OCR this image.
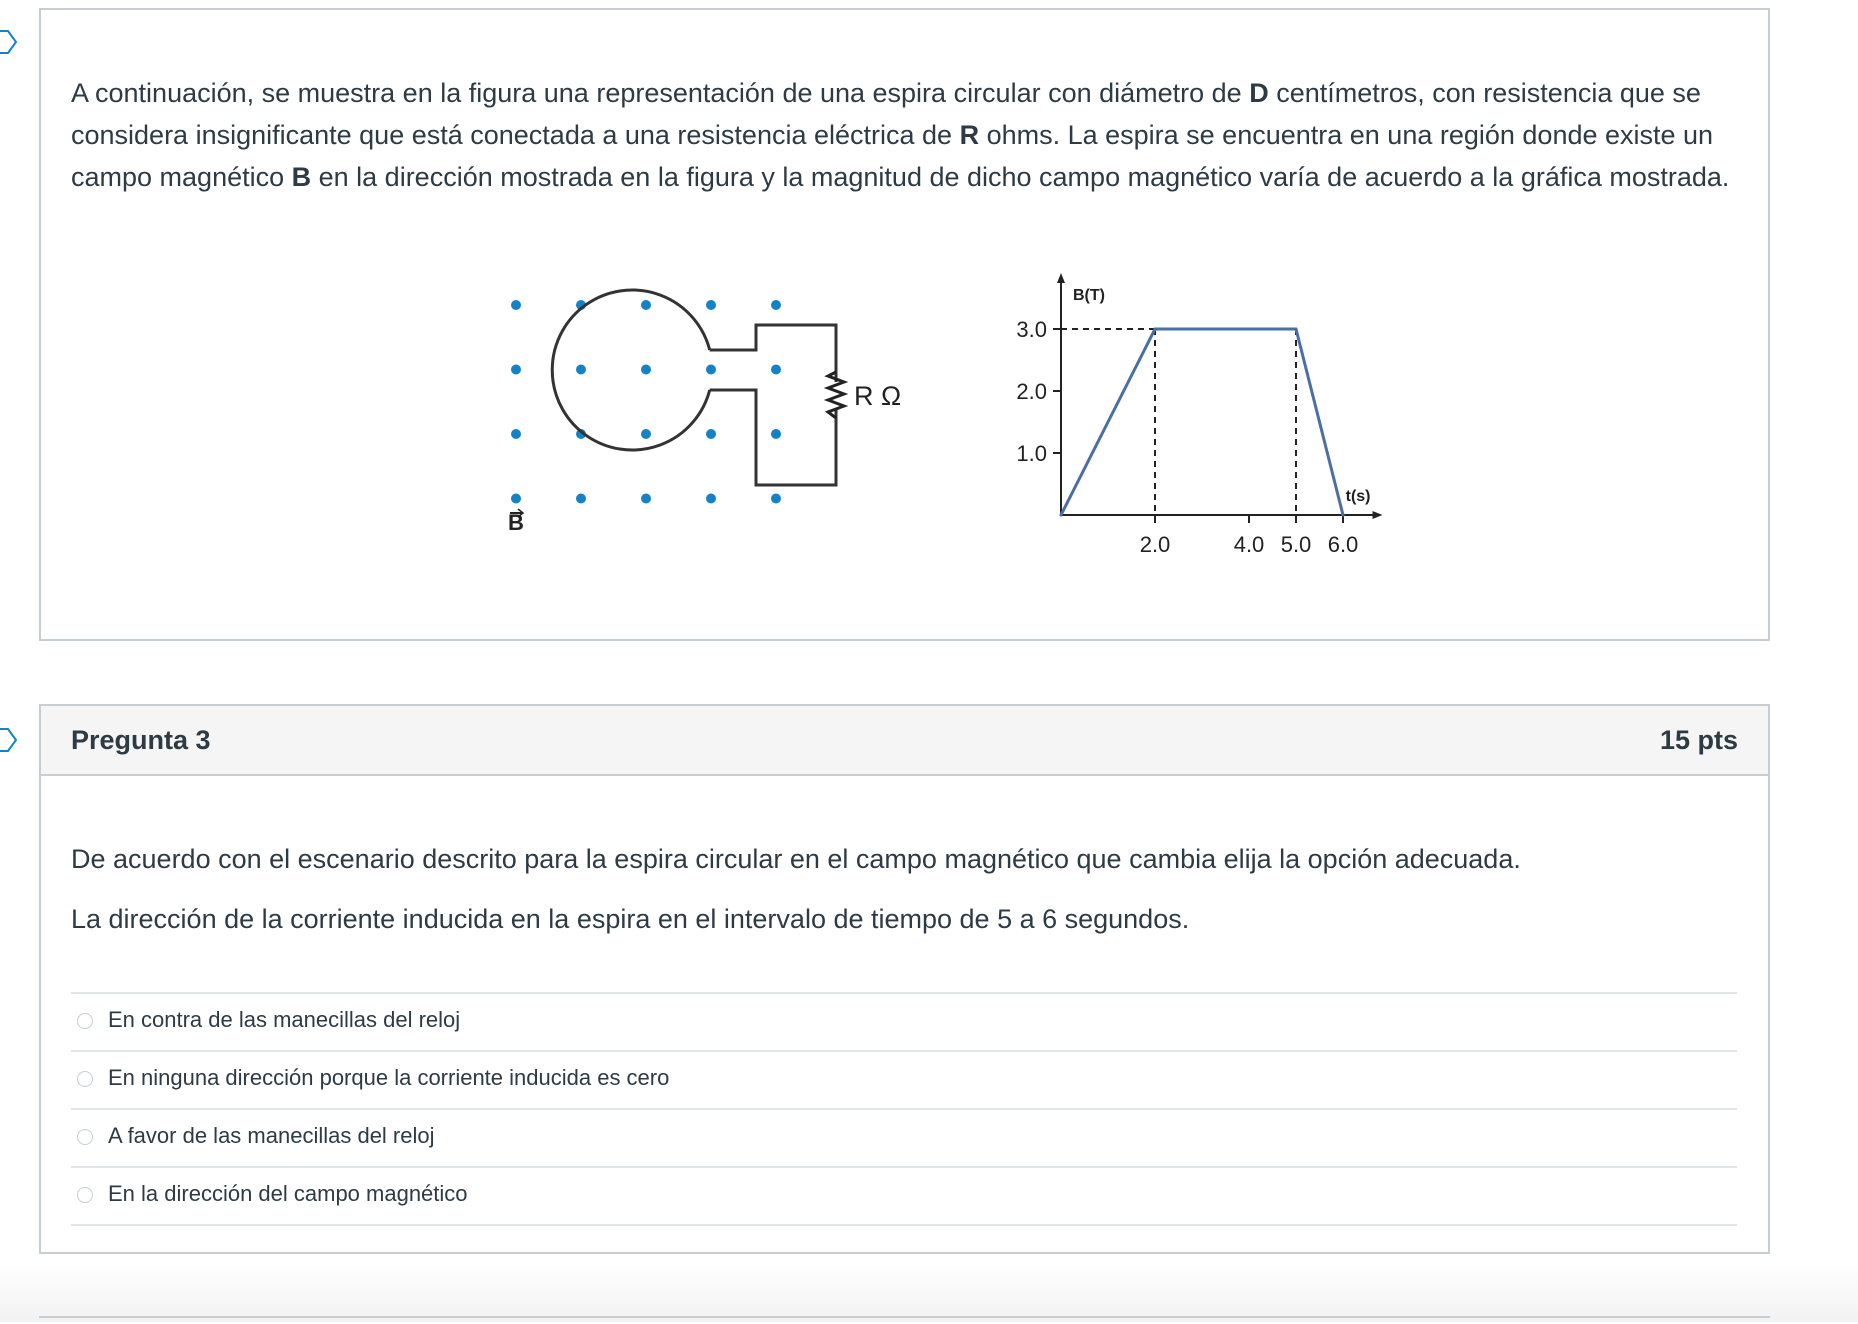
A continuación, se muestra en la figura una representación de una espira circular con diámetro de D centímetros, con resistencia que se considera insignificante que está conectada a una resistencia eléctrica de R ohms. La espira se encuentra en una región donde existe un campo magnético B en la dirección mostrada en la figura y la magnitud de dicho campo magnético varía de acuerdo a la gráfica mostrada.

R Ω
B
B(T)
t(s)
1.0
2.0
3.0
2.0	4.0 5.0 6.0
Pregunta 3	15 pts

De acuerdo con el escenario descrito para la espira circular en el campo magnético que cambia elija la opción adecuada.

La dirección de la corriente inducida en la espira en el intervalo de tiempo de 5 a 6 segundos.

En contra de las manecillas del reloj
En ninguna dirección porque la corriente inducida es cero
A favor de las manecillas del reloj
En la dirección del campo magnético
